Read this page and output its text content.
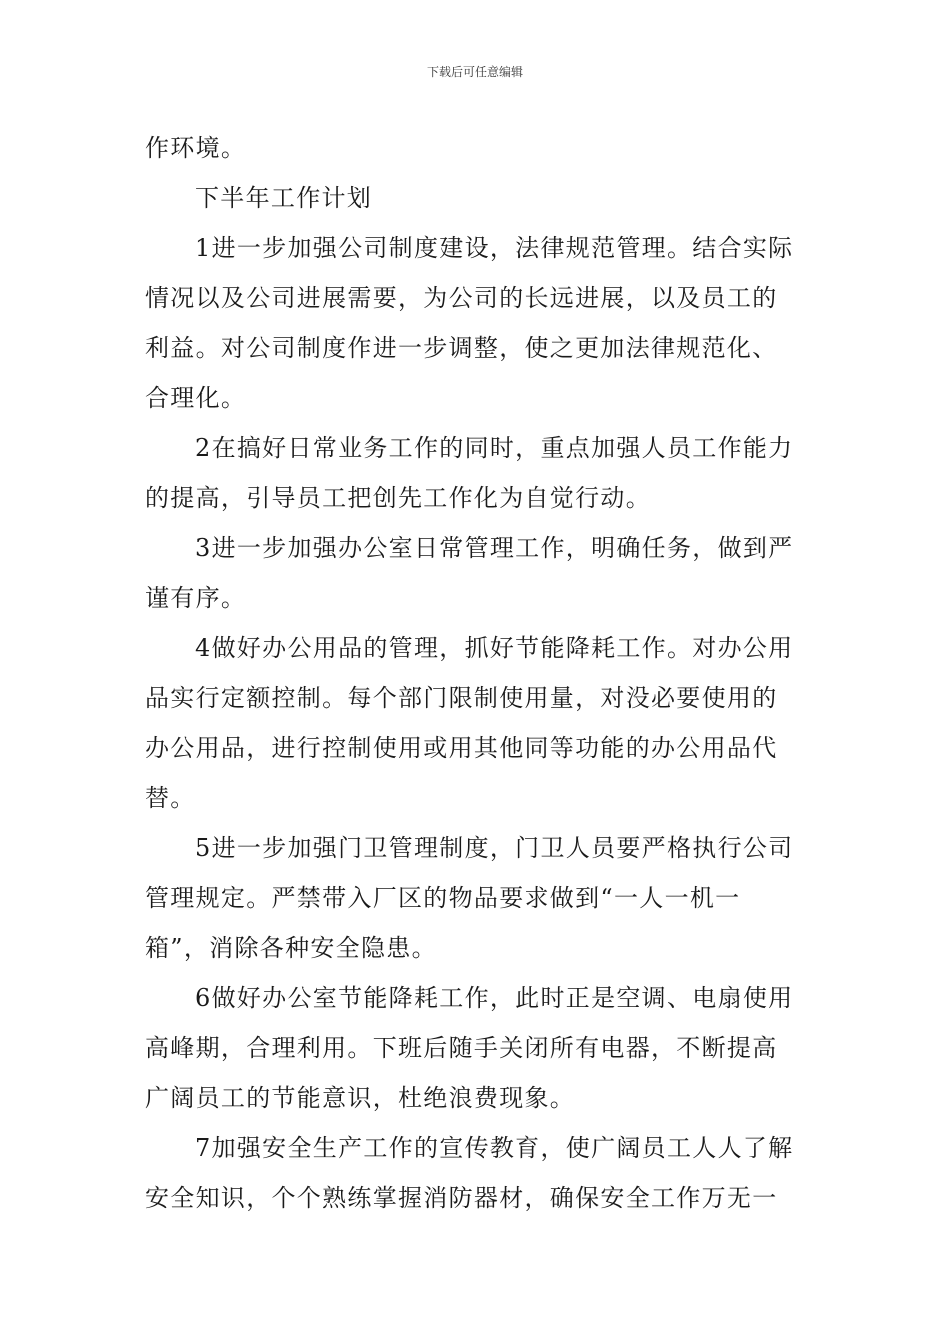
下载后可任意编辑
作环境。
下半年工作计划
1进一步加强公司制度建设，法律规范管理。结合实际
情况以及公司进展需要，为公司的长远进展，以及员工的
利益。对公司制度作进一步调整，使之更加法律规范化、
合理化。
2在搞好日常业务工作的同时，重点加强人员工作能力
的提高，引导员工把创先工作化为自觉行动。
3进一步加强办公室日常管理工作，明确任务，做到严
谨有序。
4做好办公用品的管理，抓好节能降耗工作。对办公用
品实行定额控制。每个部门限制使用量，对没必要使用的
办公用品，进行控制使用或用其他同等功能的办公用品代
替。
5进一步加强门卫管理制度，门卫人员要严格执行公司
管理规定。严禁带入厂区的物品要求做到“一人一机一
箱”，消除各种安全隐患。
6做好办公室节能降耗工作，此时正是空调、电扇使用
高峰期，合理利用。下班后随手关闭所有电器，不断提高
广阔员工的节能意识，杜绝浪费现象。
7加强安全生产工作的宣传教育，使广阔员工人人了解
安全知识，个个熟练掌握消防器材，确保安全工作万无一
